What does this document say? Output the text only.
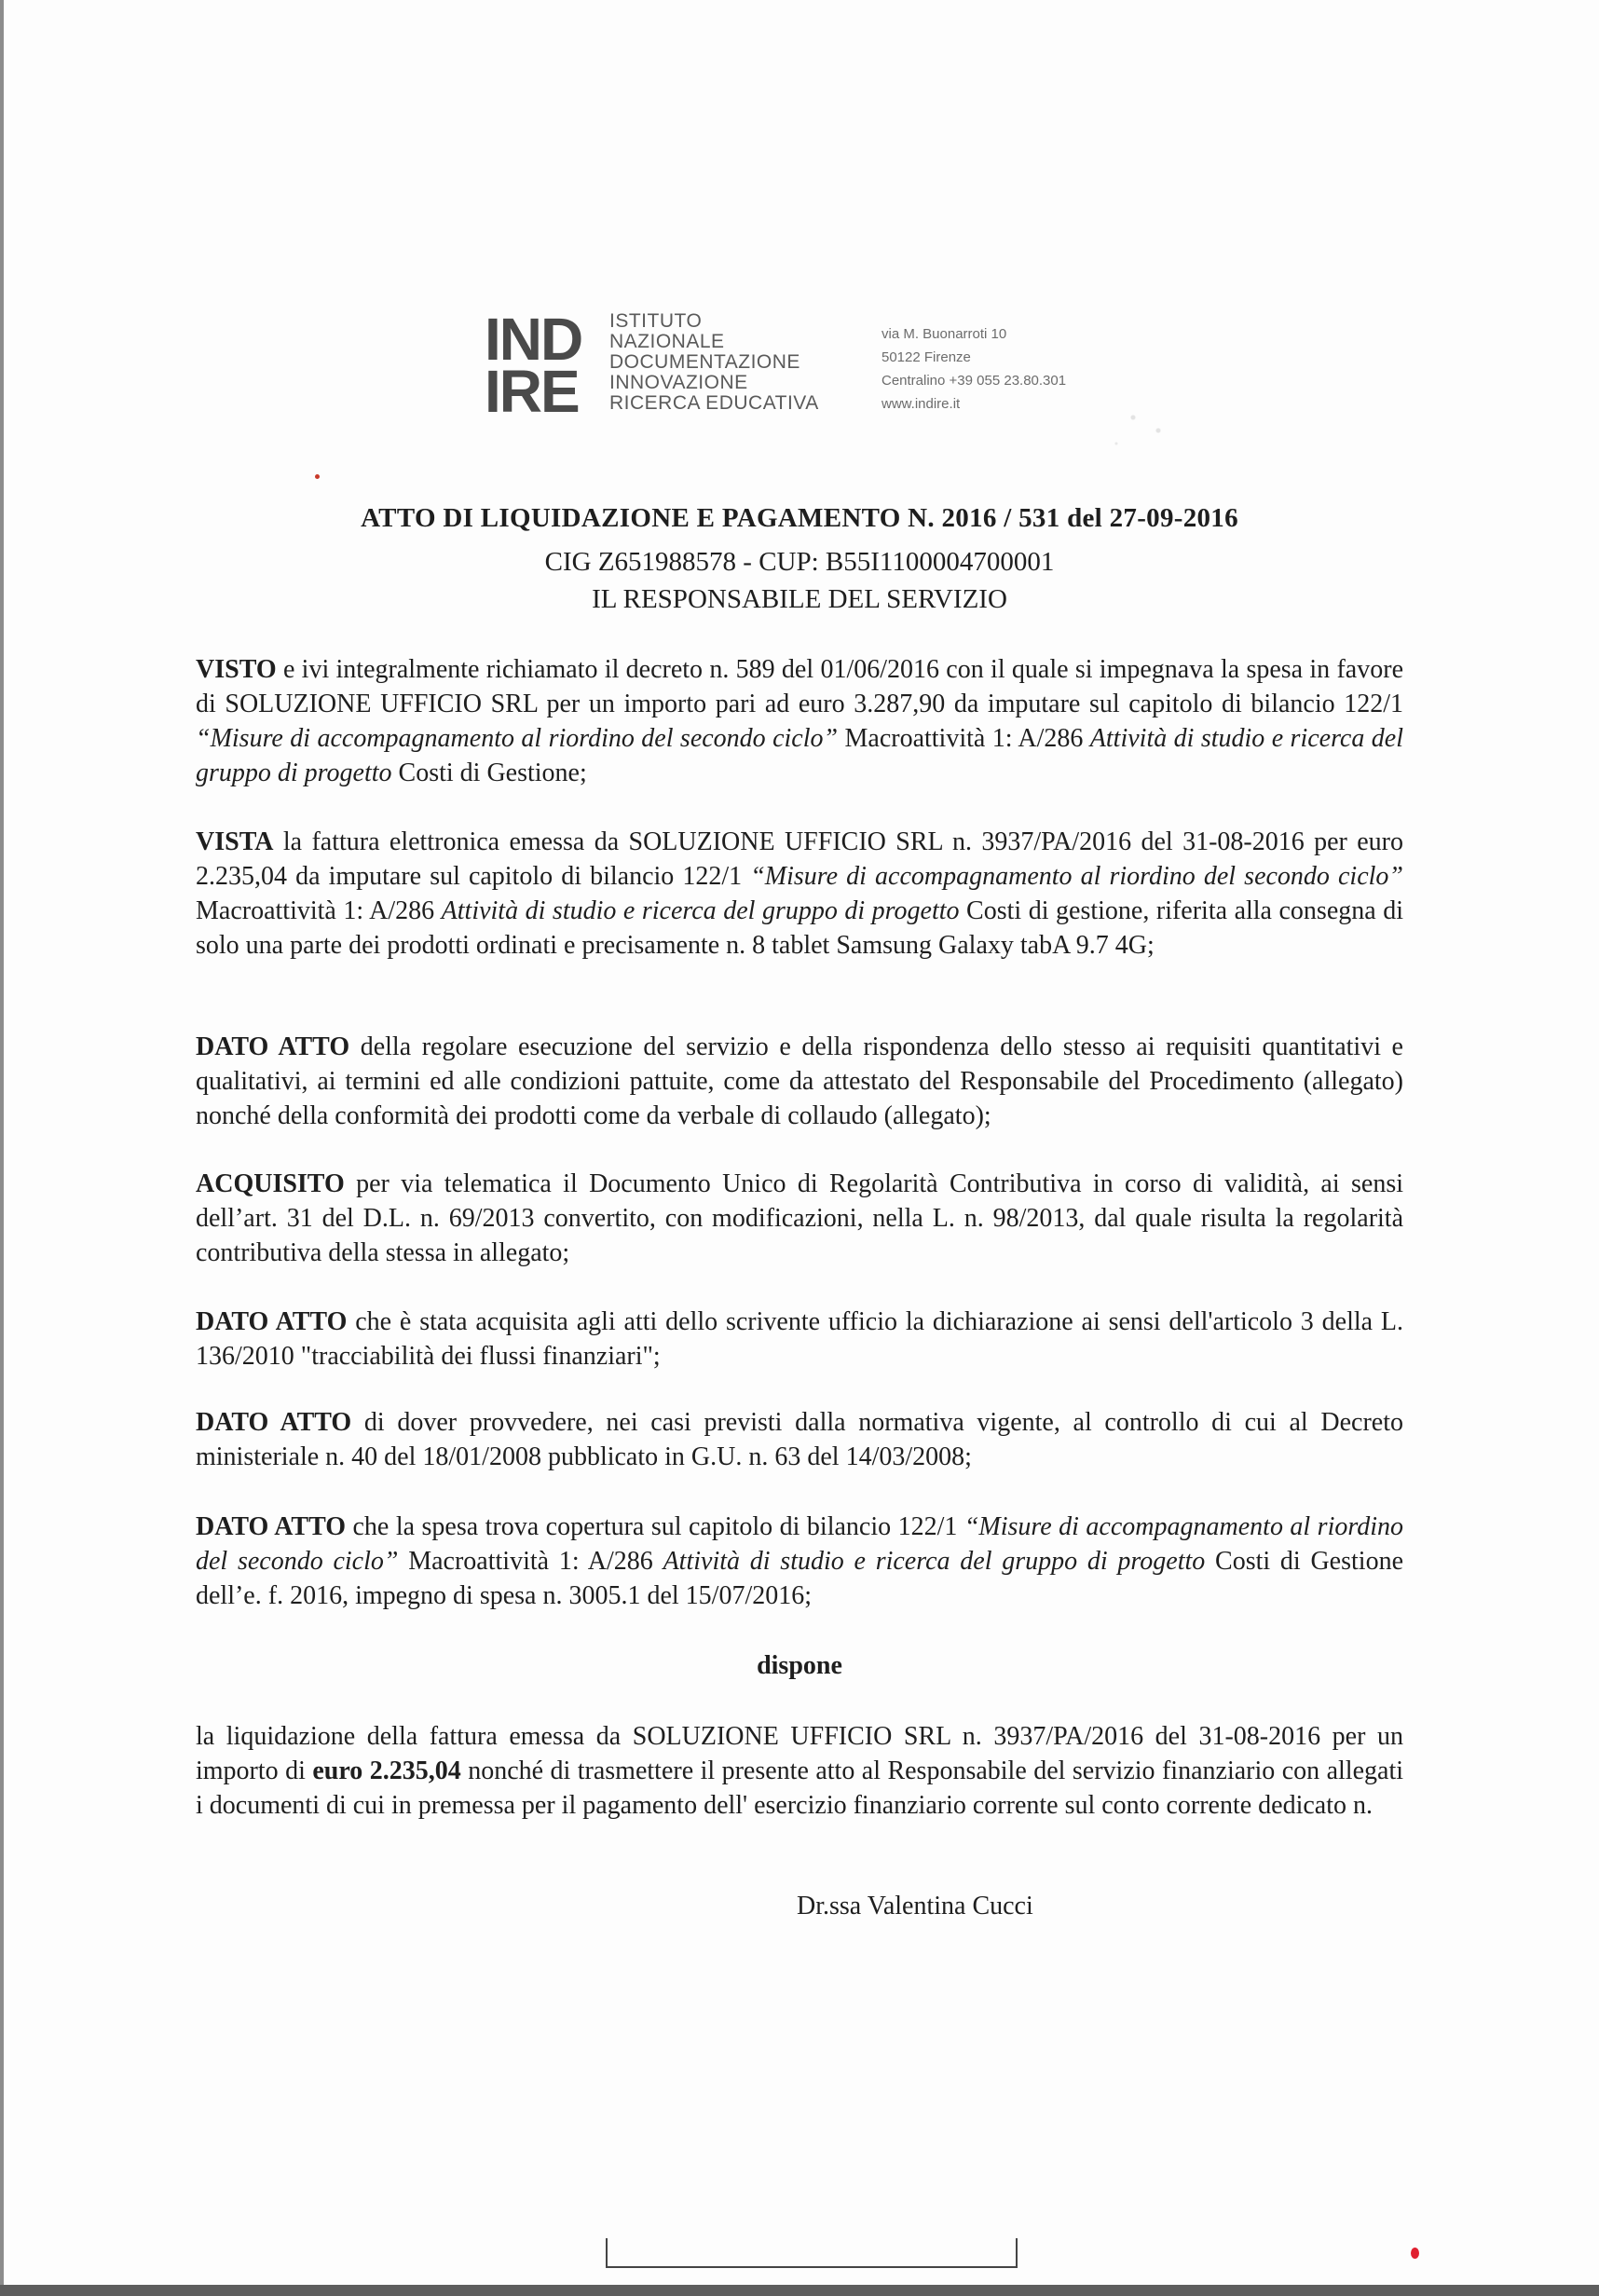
IND
IRE
ISTITUTO
NAZIONALE
DOCUMENTAZIONE
INNOVAZIONE
RICERCA EDUCATIVA
via M. Buonarroti 10
50122 Firenze
Centralino +39 055 23.80.301
www.indire.it
ATTO DI LIQUIDAZIONE E PAGAMENTO N. 2016 / 531 del 27-09-2016
CIG Z651988578 - CUP: B55I1100004700001
IL RESPONSABILE DEL SERVIZIO
VISTO e ivi integralmente richiamato il decreto n. 589 del 01/06/2016 con il quale si impegnava la spesa in favore di SOLUZIONE UFFICIO SRL per un importo pari ad euro 3.287,90 da imputare sul capitolo di bilancio 122/1 “Misure di accompagnamento al riordino del secondo ciclo” Macroattività 1: A/286 Attività di studio e ricerca del gruppo di progetto Costi di Gestione;
VISTA la fattura elettronica emessa da SOLUZIONE UFFICIO SRL n. 3937/PA/2016 del 31-08-2016 per euro 2.235,04 da imputare sul capitolo di bilancio 122/1 “Misure di accompagnamento al riordino del secondo ciclo” Macroattività 1: A/286 Attività di studio e ricerca del gruppo di progetto Costi di gestione, riferita alla consegna di solo una parte dei prodotti ordinati e precisamente n. 8 tablet Samsung Galaxy tabA 9.7 4G;
DATO ATTO della regolare esecuzione del servizio e della rispondenza dello stesso ai requisiti quantitativi e qualitativi, ai termini ed alle condizioni pattuite, come da attestato del Responsabile del Procedimento (allegato) nonché della conformità dei prodotti come da verbale di collaudo (allegato);
ACQUISITO per via telematica il Documento Unico di Regolarità Contributiva in corso di validità, ai sensi dell’art. 31 del D.L. n. 69/2013 convertito, con modificazioni, nella L. n. 98/2013, dal quale risulta la regolarità contributiva della stessa in allegato;
DATO ATTO che è stata acquisita agli atti dello scrivente ufficio la dichiarazione ai sensi dell'articolo 3 della L. 136/2010 "tracciabilità dei flussi finanziari";
DATO ATTO di dover provvedere, nei casi previsti dalla normativa vigente, al controllo di cui al Decreto ministeriale n. 40 del 18/01/2008 pubblicato in G.U. n. 63 del 14/03/2008;
DATO ATTO che la spesa trova copertura sul capitolo di bilancio 122/1 “Misure di accompagnamento al riordino del secondo ciclo” Macroattività 1: A/286 Attività di studio e ricerca del gruppo di progetto Costi di Gestione dell’e. f. 2016, impegno di spesa n. 3005.1 del 15/07/2016;
dispone
la liquidazione della fattura emessa da SOLUZIONE UFFICIO SRL n. 3937/PA/2016 del 31-08-2016 per un importo di euro 2.235,04 nonché di trasmettere il presente atto al Responsabile del servizio finanziario con allegati i documenti di cui in premessa per il pagamento dell' esercizio finanziario corrente sul conto corrente dedicato n.
Dr.ssa Valentina Cucci
